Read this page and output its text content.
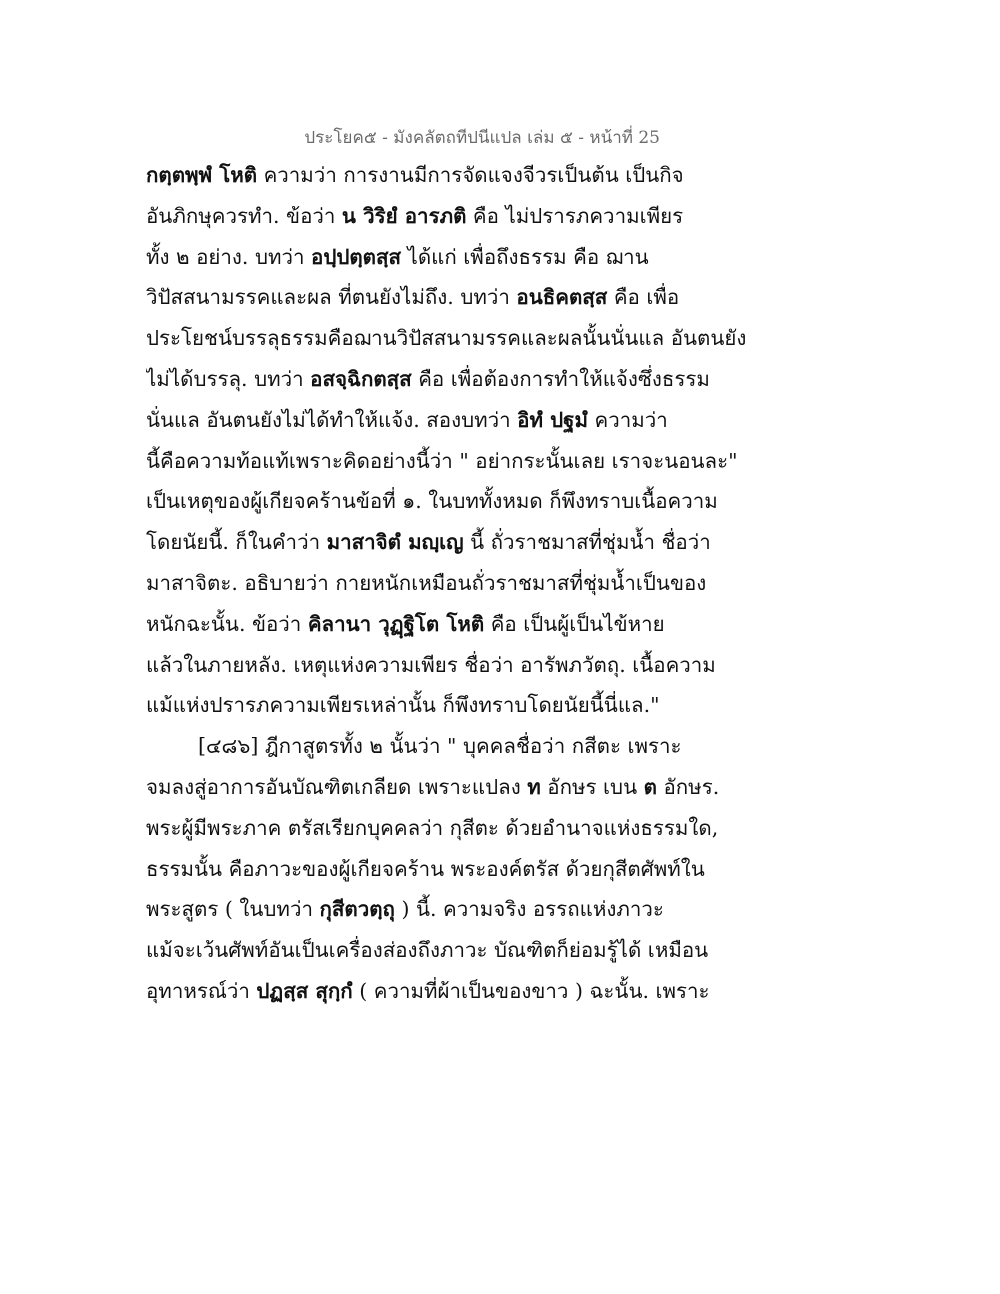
ประโยค๕ - มังคลัตถทีปนีแปล เล่ม ๕ - หน้าที่ 25
กตฺตพฺพํ โหติ ความว่า การงานมีการจัดแจงจีวรเป็นต้น เป็นกิจ
อันภิกษุควรทำ. ข้อว่า น วิริยํ อารภติ คือ ไม่ปรารภความเพียร
ทั้ง ๒ อย่าง. บทว่า อปฺปตฺตสฺส ได้แก่ เพื่อถึงธรรม คือ ฌาน
วิปัสสนามรรคและผล ที่ตนยังไม่ถึง. บทว่า อนธิคตสฺส คือ เพื่อ
ประโยชน์บรรลุธรรมคือฌานวิปัสสนามรรคและผลนั้นนั่นแล อันตนยัง
ไม่ได้บรรลุ. บทว่า อสจฺฉิกตสฺส คือ เพื่อต้องการทำให้แจ้งซึ่งธรรม
นั่นแล อันตนยังไม่ได้ทำให้แจ้ง. สองบทว่า อิทํ ปฐมํ ความว่า
นี้คือความท้อแท้เพราะคิดอย่างนี้ว่า " อย่ากระนั้นเลย เราจะนอนละ"
เป็นเหตุของผู้เกียจคร้านข้อที่ ๑. ในบททั้งหมด ก็พึงทราบเนื้อความ
โดยนัยนี้. ก็ในคำว่า มาสาจิตํ มญฺเญ นี้ ถั่วราชมาสที่ชุ่มน้ำ ชื่อว่า
มาสาจิตะ. อธิบายว่า กายหนักเหมือนถั่วราชมาสที่ชุ่มน้ำเป็นของ
หนักฉะนั้น. ข้อว่า คิลานา วุฏฺฐิโต โหติ คือ เป็นผู้เป็นไข้หาย
แล้วในภายหลัง. เหตุแห่งความเพียร ชื่อว่า อารัพภวัตถุ. เนื้อความ
แม้แห่งปรารภความเพียรเหล่านั้น ก็พึงทราบโดยนัยนี้นี่แล."
[๔๘๖] ฎีกาสูตรทั้ง ๒ นั้นว่า " บุคคลชื่อว่า กสีตะ เพราะ
จมลงสู่อาการอันบัณฑิตเกลียด เพราะแปลง ท อักษร เบน ต อักษร.
พระผู้มีพระภาค ตรัสเรียกบุคคลว่า กุสีตะ ด้วยอำนาจแห่งธรรมใด,
ธรรมนั้น คือภาวะของผู้เกียจคร้าน พระองค์ตรัส ด้วยกุสีตศัพท์ใน
พระสูตร ( ในบทว่า กุสีตวตฺถุ ) นี้. ความจริง อรรถแห่งภาวะ
แม้จะเว้นศัพท์อันเป็นเครื่องส่องถึงภาวะ บัณฑิตก็ย่อมรู้ได้ เหมือน
อุทาหรณ์ว่า ปฏสฺส สุกฺกํ ( ความที่ผ้าเป็นของขาว ) ฉะนั้น. เพราะ
